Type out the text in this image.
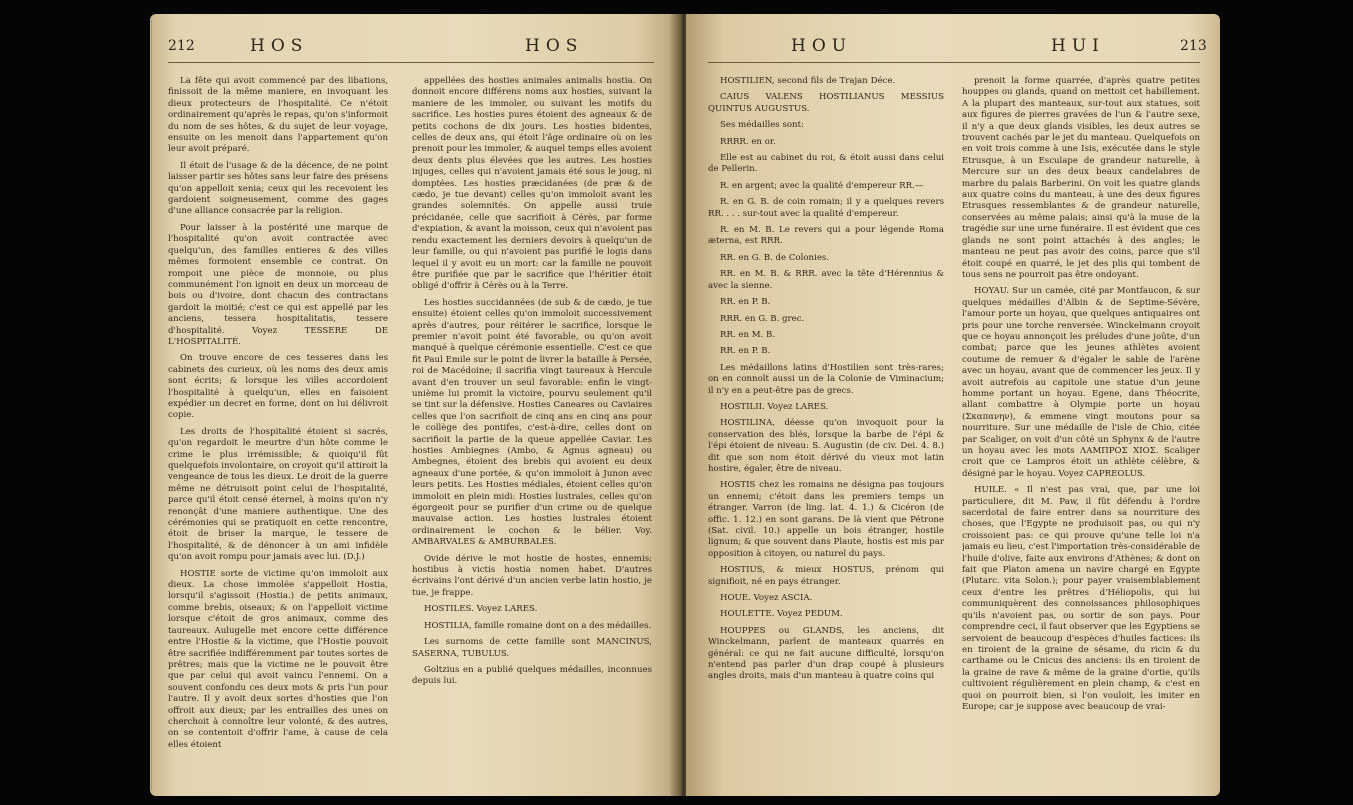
212	HOS	HOS

La fête qui avoit commencé par des libations, finissoit de la même maniere, en invoquant les dieux protecteurs de l'hospitalité. Ce n'étoit ordinairement qu'après le repas, qu'on s'informoit du nom de ses hôtes, & du sujet de leur voyage, ensuite on les menoit dans l'appartement qu'on leur avoit préparé.

Il étoit de l'usage & de la décence, de ne point laisser partir ses hôtes sans leur faire des présens qu'on appelloit xenia; ceux qui les recevoient les gardoient soigneusement, comme des gages d'une alliance consacrée par la religion.

Pour laisser à la postérité une marque de l'hospitalité qu'on avoit contractée avec quelqu'un, des familles entieres & des villes mêmes formoient ensemble ce contrat. On rompoit une pièce de monnoie, ou plus communément l'on ignoit en deux un morceau de bois ou d'ivoire, dont chacun des contractans gardoit la moitié; c'est ce qui est appellé par les anciens, tessera hospitalitatis, tessere d'hospitalité. Voyez TESSERE DE L'HOSPITALITÉ.

On trouve encore de ces tesseres dans les cabinets des curieux, où les noms des deux amis sont écrits; & lorsque les villes accordoient l'hospitalité à quelqu'un, elles en faisoient expédier un decret en forme, dont on lui délivroit copie.

Les droits de l'hospitalité étoient si sacrés, qu'on regardoit le meurtre d'un hôte comme le crime le plus irrémissible; & quoiqu'il fût quelquefois involontaire, on croyoit qu'il attiroit la vengeance de tous les dieux. Le droit de la guerre même ne détruisoit point celui de l'hospitalité, parce qu'il étoit censé éternel, à moins qu'on n'y renonçât d'une maniere authentique. Une des cérémonies qui se pratiquoit en cette rencontre, étoit de briser la marque, le tessere de l'hospitalité, & de dénoncer à un ami infidèle qu'on avoit rompu pour jamais avec lui. (D.J.)

HOSTIE sorte de victime qu'on immoloit aux dieux. La chose immolée s'appelloit Hostia, lorsqu'il s'agissoit (Hostia.) de petits animaux, comme brebis, oiseaux; & on l'appelloit victime lorsque c'étoit de gros animaux, comme des taureaux. Aulugelle met encore cette différence entre l'Hostie & la victime, que l'Hostie pouvoit être sacrifiée indifféremment par toutes sortes de prêtres; mais que la victime ne le pouvoit être que par celui qui avoit vaincu l'ennemi. On a souvent confondu ces deux mots & pris l'un pour l'autre. Il y avoit deux sortes d'hosties que l'on offroit aux dieux; par les entrailles des unes on cherchoit à connoître leur volonté, & des autres, on se contentoit d'offrir l'ame, à cause de cela elles étoient

appellées des hosties animales animalis hostia. On donnoit encore différens noms aux hosties, suivant la maniere de les immoler, ou suivant les motifs du sacrifice. Les hosties pures étoient des agneaux & de petits cochons de dix jours. Les hosties bidentes, celles de deux ans, qui étoit l'âge ordinaire où on les prenoit pour les immoler, & auquel temps elles avoient deux dents plus élevées que les autres. Les hosties injuges, celles qui n'avoient jamais été sous le joug, ni domptées. Les hosties præcidanées (de præ & de cædo, je tue devant) celles qu'on immoloit avant les grandes solemnités. On appelle aussi truie précidanée, celle que sacrifioit à Cérès, par forme d'expiation, & avant la moisson, ceux qui n'avoient pas rendu exactement les derniers devoirs à quelqu'un de leur famille, ou qui n'avoient pas purifié le logis dans lequel il y avoit eu un mort: car la famille ne pouvoit être purifiée que par le sacrifice que l'héritier étoit obligé d'offrir à Cérès ou à la Terre.

Les hosties succidannées (de sub & de cædo, je tue ensuite) étoient celles qu'on immoloit successivement après d'autres, pour réitérer le sacrifice, lorsque le premier n'avoit point été favorable, ou qu'on avoit manqué à quelque cérémonie essentielle. C'est ce que fit Paul Emile sur le point de livrer la bataille à Persée, roi de Macédoine; il sacrifia vingt taureaux à Hercule avant d'en trouver un seul favorable: enfin le vingt-unième lui promit la victoire, pourvu seulement qu'il se tint sur la défensive. Hosties Caneares ou Caviaires celles que l'on sacrifioit de cinq ans en cinq ans pour le collège des pontifes, c'est-à-dire, celles dont on sacrifioit la partie de la queue appellée Caviar. Les hosties Ambiegnes (Ambo, & Agnus agneau) ou Ambegnes, étoient des brebis qui avoient eu deux agneaux d'une portée, & qu'on immoloit à Junon avec leurs petits. Les Hosties médiales, étoient celles qu'on immoloit en plein midi: Hosties lustrales, celles qu'on égorgeoit pour se purifier d'un crime ou de quelque mauvaise action. Les hosties lustrales étoient ordinairement le cochon & le bélier. Voy. AMBARVALES & AMBURBALES.

Ovide dérive le mot hostie de hostes, ennemis: hostibus à victis hostia nomen habet. D'autres écrivains l'ont dérivé d'un ancien verbe latin hostio, je tue, je frappe.

HOSTILES. Voyez LARES.

HOSTILIA, famille romaine dont on a des médailles.

Les surnoms de cette famille sont MANCINUS, SASERNA, TUBULUS.

Goltzius en a publié quelques médailles, inconnues depuis lui.

HOU	HUI	213

HOSTILIEN, second fils de Trajan Déce.

CAIUS VALENS HOSTILIANUS MESSIUS QUINTUS AUGUSTUS.

Ses médailles sont:

RRRR. en or.

Elle est au cabinet du roi, & étoit aussi dans celui de Pellerin.

R. en argent; avec la qualité d'empereur RR.—

R. en G. B. de coin romain; il y a quelques revers RR. . . . sur-tout avec la qualité d'empereur.

R. en M. B. Le revers qui a pour légende Roma æterna, est RRR.

RR. en G. B. de Colonies.

RR. en M. B. & RRR. avec la tête d'Hérennius & avec la sienne.

RR. en P. B.

RRR. en G. B. grec.

RR. en M. B.

RR. en P. B.

Les médaillons latins d'Hostilien sont très-rares; on en connoît aussi un de la Colonie de Viminacium; il n'y en a peut-être pas de grecs.

HOSTILII. Voyez LARES.

HOSTILINA, déesse qu'on invoquoit pour la conservation des blés, lorsque la barbe de l'épi & l'épi étoient de niveau: S. Augustin (de civ. Dei. 4. 8.) dit que son nom étoit dérivé du vieux mot latin hostire, égaler, être de niveau.

HOSTIS chez les romains ne désigna pas toujours un ennemi; c'étoit dans les premiers temps un étranger. Varron (de ling. lat. 4. 1.) & Cicéron (de offic. 1. 12.) en sont garans. De là vient que Pétrone (Sat. civil. 10.) appelle un bois étranger, hostile lignum; & que souvent dans Plaute, hostis est mis par opposition à citoyen, ou naturel du pays.

HOSTIUS, & mieux HOSTUS, prénom qui signifioit, né en pays étranger.

HOUE. Voyez ASCIA.

HOULETTE. Voyez PEDUM.

HOUPPES ou GLANDS, les anciens, dit Winckelmann, parlent de manteaux quarrés en général: ce qui ne fait aucune difficulté, lorsqu'on n'entend pas parler d'un drap coupé à plusieurs angles droits, mais d'un manteau à quatre coins qui

prenoit la forme quarrée, d'après quatre petites houppes ou glands, quand on mettoit cet habillement. A la plupart des manteaux, sur-tout aux statues, soit aux figures de pierres gravées de l'un & l'autre sexe, il n'y a que deux glands visibles, les deux autres se trouvent cachés par le jet du manteau. Quelquefois on en voit trois comme à une Isis, exécutée dans le style Etrusque, à un Esculape de grandeur naturelle, à Mercure sur un des deux beaux candelabres de marbre du palais Barberini. On voit les quatre glands aux quatre coins du manteau, à une des deux figures Etrusques ressemblantes & de grandeur naturelle, conservées au même palais; ainsi qu'à la muse de la tragédie sur une urne funéraire. Il est évident que ces glands ne sont point attachés à des angles; le manteau ne peut pas avoir des coins, parce que s'il étoit coupé en quarré, le jet des plis qui tombent de tous sens ne pourroit pas être ondoyant.

HOYAU. Sur un camée, cité par Montfaucon, & sur quelques médailles d'Albin & de Septime-Sévère, l'amour porte un hoyau, que quelques antiquaires ont pris pour une torche renversée. Winckelmann croyoit que ce hoyau annonçoit les préludes d'une joûte, d'un combat; parce que les jeunes athlètes avoient coutume de remuer & d'égaler le sable de l'arène avec un hoyau, avant que de commencer les jeux. Il y avoit autrefois au capitole une statue d'un jeune homme portant un hoyau. Egene, dans Théocrite, allant combattre à Olympie porte un hoyau (Σκαπανην), & emmene vingt moutons pour sa nourriture. Sur une médaille de l'isle de Chio, citée par Scaliger, on voit d'un côté un Sphynx & de l'autre un hoyau avec les mots ΛΑΜΠΡΟΣ ΧΙΟΣ. Scaliger croit que ce Lampros étoit un athlète célèbre, & désigné par le hoyau. Voyez CAPREOLUS.

HUILE. « Il n'est pas vrai, que, par une loi particuliere, dit M. Paw, il fût défendu à l'ordre sacerdotal de faire entrer dans sa nourriture des choses, que l'Egypte ne produisoit pas, ou qui n'y croissoient pas: ce qui prouve qu'une telle loi n'a jamais eu lieu, c'est l'importation très-considérable de l'huile d'olive, faite aux environs d'Athènes; & dont on fait que Platon amena un navire chargé en Egypte (Plutarc. vita Solon.); pour payer vraisemblablement ceux d'entre les prêtres d'Héliopolis, qui lui communiquèrent des connoissances philosophiques qu'ils n'avoient pas, ou sortir de son pays. Pour comprendre ceci, il faut observer que les Egyptiens se servoient de beaucoup d'espèces d'huiles factices: ils en tiroient de la graine de sésame, du ricin & du carthame ou le Cnicus des anciens: ils en tiroient de la graine de rave & même de la graine d'ortie, qu'ils cultivoient régulièrement en plein champ, & c'est en quoi on pourroit bien, si l'on vouloit, les imiter en Europe; car je suppose avec beaucoup de vrai-
